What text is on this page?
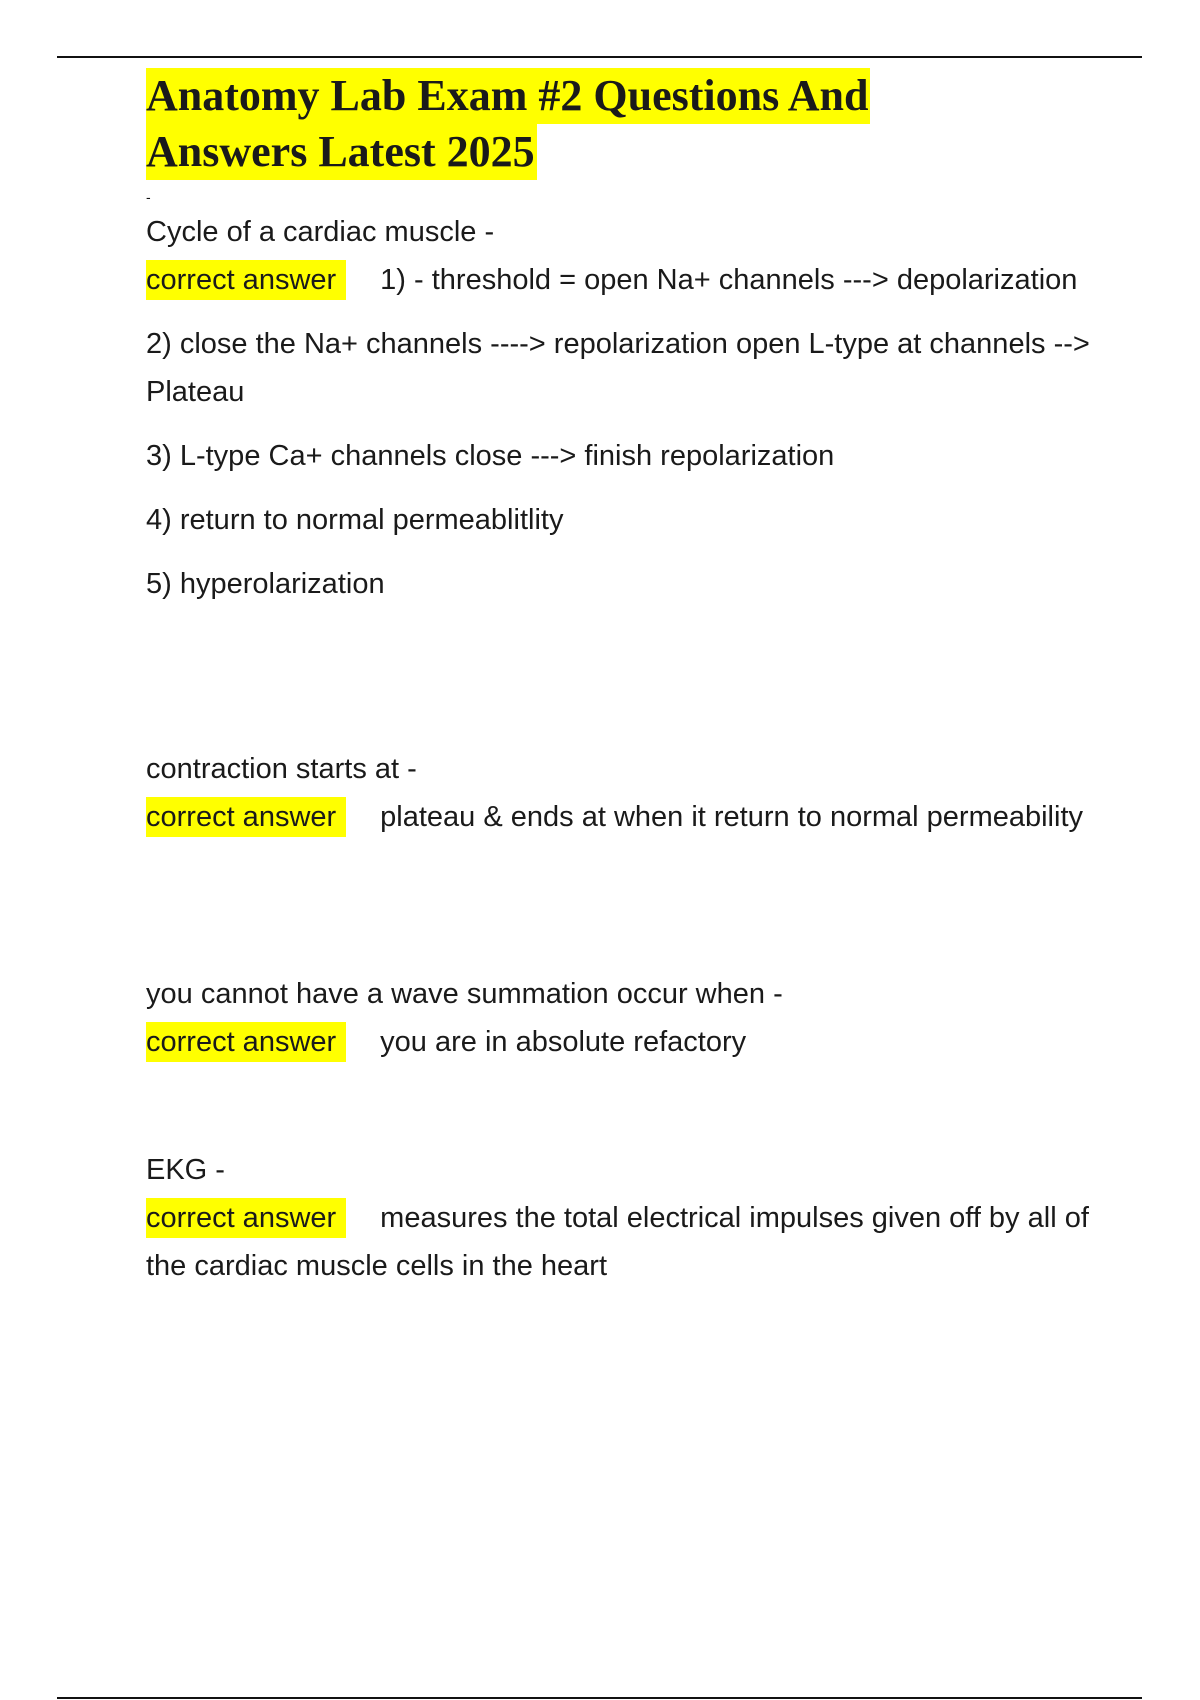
Anatomy Lab Exam #2 Questions And
Answers Latest 2025
-

Cycle of a cardiac muscle -

correct answer 1) - threshold = open Na+ channels ---> depolarization

2) close the Na+ channels ----> repolarization open L-type at channels --> Plateau

3) L-type Ca+ channels close ---> finish repolarization

4) return to normal permeablitlity

5) hyperolarization

contraction starts at -

correct answer plateau & ends at when it return to normal permeability

you cannot have a wave summation occur when -

correct answer you are in absolute refactory

EKG -

correct answer measures the total electrical impulses given off by all of the cardiac muscle cells in the heart
